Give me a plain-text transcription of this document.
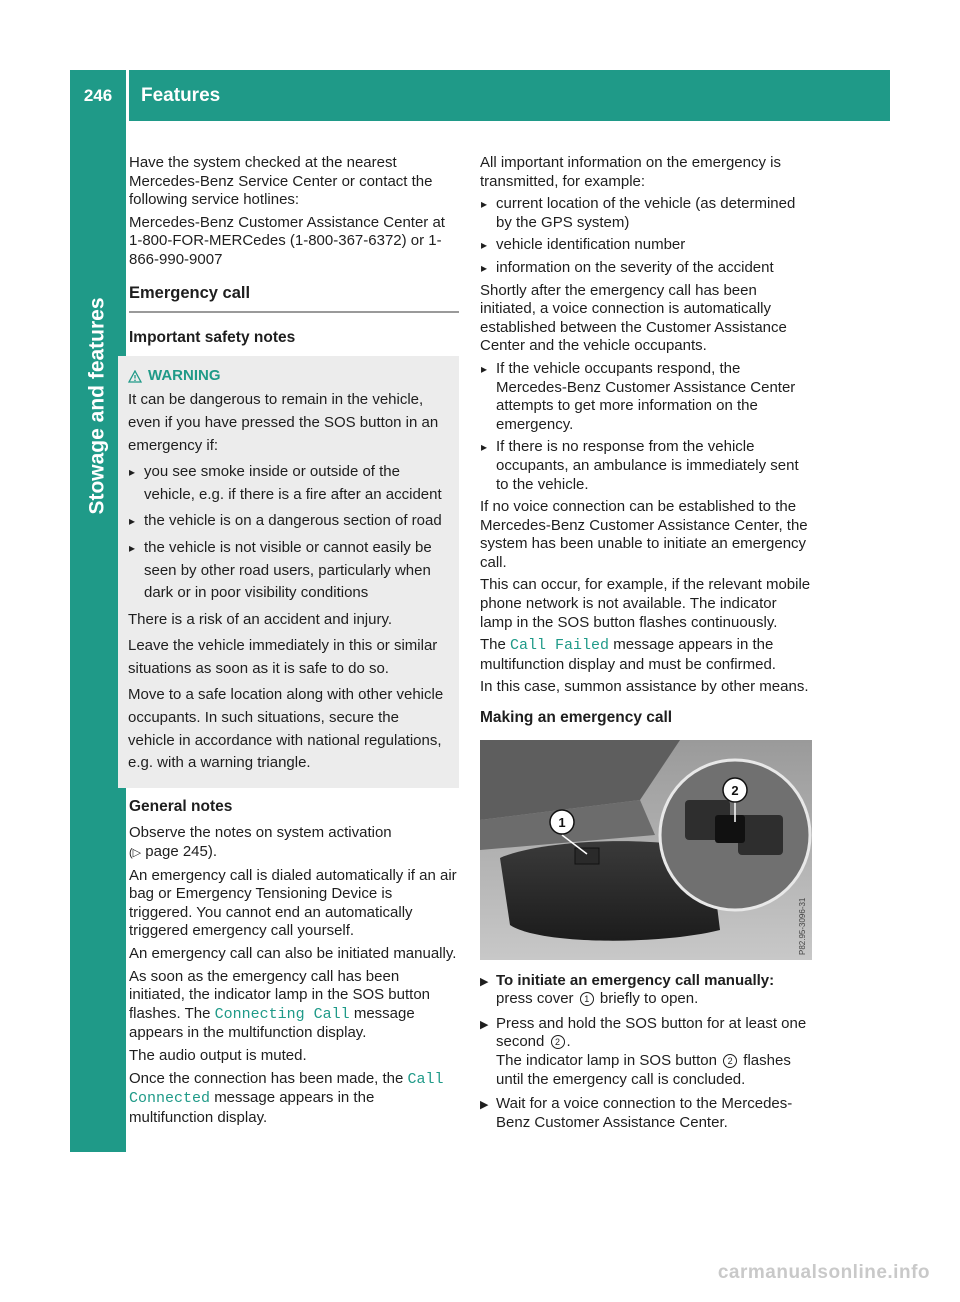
246	Features
Stowage and features

Have the system checked at the nearest Mercedes-Benz Service Center or contact the following service hotlines:

Mercedes-Benz Customer Assistance Center at 1-800-FOR-MERCedes (1-800-367-6372) or 1-866-990-9007

Emergency call
Important safety notes
WARNING

It can be dangerous to remain in the vehicle, even if you have pressed the SOS button in an emergency if:

▸ you see smoke inside or outside of the vehicle, e.g. if there is a fire after an accident
▸ the vehicle is on a dangerous section of road
▸ the vehicle is not visible or cannot easily be seen by other road users, particularly when dark or in poor visibility conditions

There is a risk of an accident and injury.

Leave the vehicle immediately in this or similar situations as soon as it is safe to do so.

Move to a safe location along with other vehicle occupants. In such situations, secure the vehicle in accordance with national regulations, e.g. with a warning triangle.

General notes

Observe the notes on system activation
(▷ page 245).

An emergency call is dialed automatically if an air bag or Emergency Tensioning Device is triggered. You cannot end an automatically triggered emergency call yourself.

An emergency call can also be initiated manually.

As soon as the emergency call has been initiated, the indicator lamp in the SOS button flashes. The Connecting Call message appears in the multifunction display.

The audio output is muted.

Once the connection has been made, the Call Connected message appears in the multifunction display.

All important information on the emergency is transmitted, for example:

▸ current location of the vehicle (as determined by the GPS system)
▸ vehicle identification number
▸ information on the severity of the accident

Shortly after the emergency call has been initiated, a voice connection is automatically established between the Customer Assistance Center and the vehicle occupants.

▸ If the vehicle occupants respond, the Mercedes-Benz Customer Assistance Center attempts to get more information on the emergency.
▸ If there is no response from the vehicle occupants, an ambulance is immediately sent to the vehicle.

If no voice connection can be established to the Mercedes-Benz Customer Assistance Center, the system has been unable to initiate an emergency call.

This can occur, for example, if the relevant mobile phone network is not available. The indicator lamp in the SOS button flashes continuously.

The Call Failed message appears in the multifunction display and must be confirmed.

In this case, summon assistance by other means.

Making an emergency call
1
2
P82.95-3096-31
▶ To initiate an emergency call manually:
press cover 1 briefly to open.
▶ Press and hold the SOS button for at least one second 2 .
The indicator lamp in SOS button 2 flashes until the emergency call is concluded.
▶ Wait for a voice connection to the Mercedes-Benz Customer Assistance Center.
carmanualsonline.info
